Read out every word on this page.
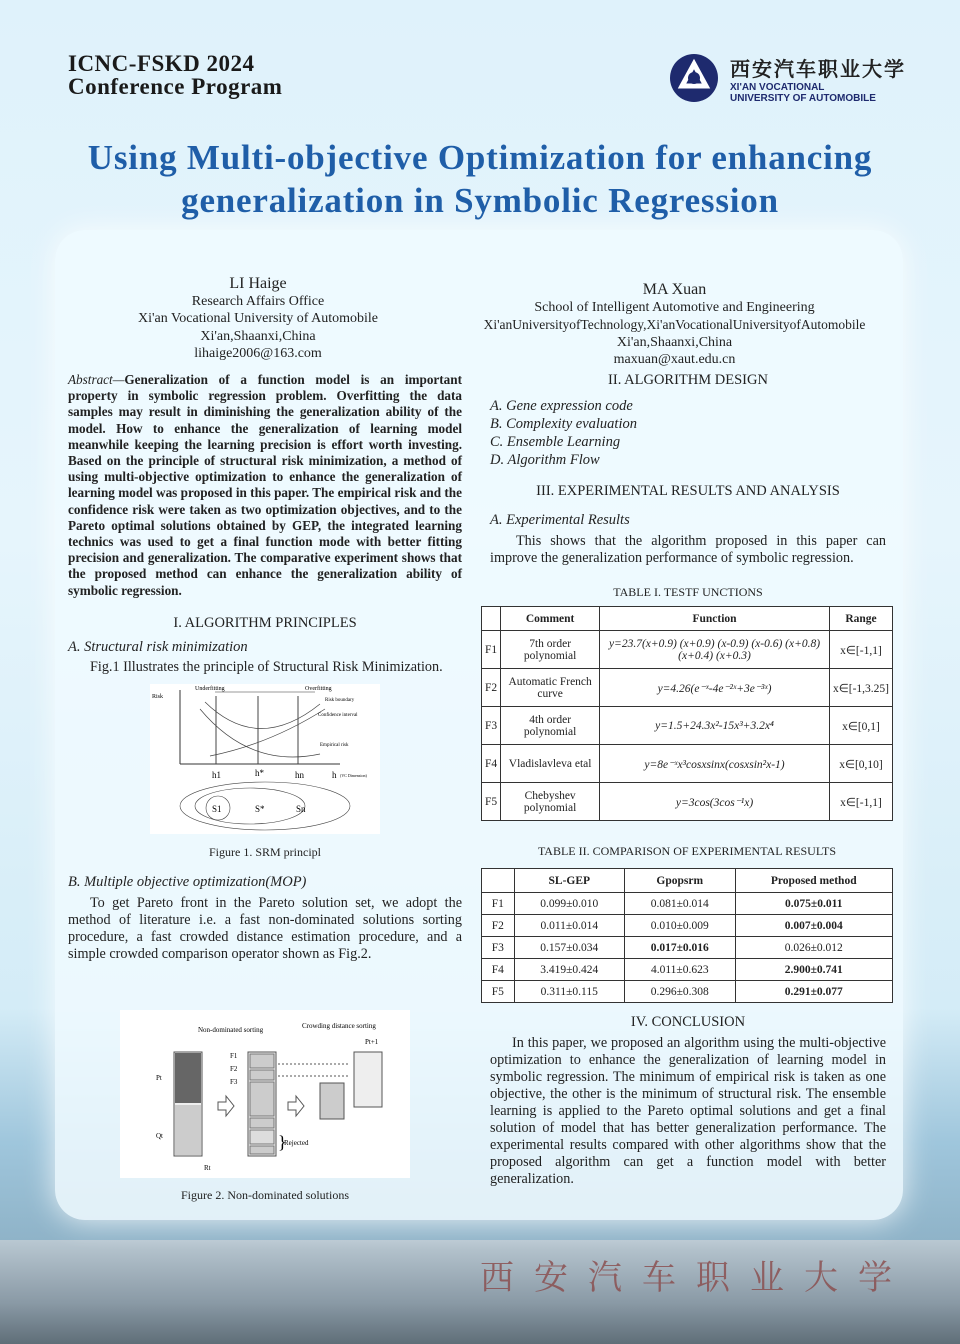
ICNC-FSKD 2024
Conference Program
西安汽车职业大学
XI'AN VOCATIONAL
UNIVERSITY OF AUTOMOBILE
西安汽车职业大学
Using Multi-objective Optimization for enhancing
generalization in Symbolic Regression
LI Haige
Research Affairs Office
Xi'an Vocational University of Automobile
Xi'an,Shaanxi,China
lihaige2006@163.com
MA Xuan
School of Intelligent Automotive and Engineering
Xi'anUniversityofTechnology,Xi'anVocationalUniversityofAutomobile
Xi'an,Shaanxi,China
maxuan@xaut.edu.cn

Abstract—Generalization of a function model is an important property in symbolic regression problem. Overfitting the data samples may result in diminishing the generalization ability of the model. How to enhance the generalization of learning model meanwhile keeping the learning precision is effort worth investing. Based on the principle of structural risk minimization, a method of using multi-objective optimization to enhance the generalization of learning model was proposed in this paper. The empirical risk and the confidence risk were taken as two optimization objectives, and to the Pareto optimal solutions obtained by GEP, the integrated learning technics was used to get a final function mode with better fitting precision and generalization. The comparative experiment shows that the proposed method can enhance the generalization ability of symbolic regression.

I. ALGORITHM PRINCIPLES
A. Structural risk minimization

Fig.1 Illustrates the principle of Structural Risk Minimization.

Risk
Underfitting	Overfitting
Risk boundary
Confidence interval
Empirical risk
h1	h*	hn	h (VC Dimension)
S1	S*	Sn
Figure 1. SRM principl
B. Multiple objective optimization(MOP)

To get Pareto front in the Pareto solution set, we adopt the method of literature i.e. a fast non-dominated solutions sorting procedure, a fast crowded distance estimation procedure, and a simple crowded comparison operator shown as Fig.2.

Non-dominated sorting	Crowding distance sorting
Pt+1
Pt
Qt
Rt
F1
F2
F3
Rejected
}
Figure 2. Non-dominated solutions
II. ALGORITHM DESIGN
A. Gene expression code
B. Complexity evaluation
C. Ensemble Learning
D. Algorithm Flow
III. EXPERIMENTAL RESULTS AND ANALYSIS
A. Experimental Results

This shows that the algorithm proposed in this paper can improve the generalization performance of symbolic regression.

TABLE I. TESTF UNCTIONS
	Comment	Function	Range
F1	7th order polynomial	y=23.7(x+0.9) (x+0.9) (x-0.9) (x-0.6) (x+0.8) (x+0.4) (x+0.3)	x∈[-1,1]
F2	Automatic French curve	y=4.26(e⁻ˣ-4e⁻²ˣ+3e⁻³ˣ)	x∈[-1,3.25]
F3	4th order polynomial	y=1.5+24.3x²-15x³+3.2x⁴	x∈[0,1]
F4	Vladislavleva etal	y=8e⁻ˣx³cosxsinx(cosxsin²x-1)	x∈[0,10]
F5	Chebyshev polynomial	y=3cos(3cos⁻¹x)	x∈[-1,1]
TABLE II. COMPARISON OF EXPERIMENTAL RESULTS
	SL-GEP	Gpopsrm	Proposed method
F1	0.099±0.010	0.081±0.014	0.075±0.011
F2	0.011±0.014	0.010±0.009	0.007±0.004
F3	0.157±0.034	0.017±0.016	0.026±0.012
F4	3.419±0.424	4.011±0.623	2.900±0.741
F5	0.311±0.115	0.296±0.308	0.291±0.077
IV. CONCLUSION

In this paper, we proposed an algorithm using the multi-objective optimization to enhance the generalization of learning model in symbolic regression. The minimum of empirical risk is taken as one objective, the other is the minimum of structural risk. The ensemble learning is applied to the Pareto optimal solutions and get a final solution of model that has better generalization performance. The experimental results compared with other algorithms show that the proposed algorithm can get a function model with better generalization.
